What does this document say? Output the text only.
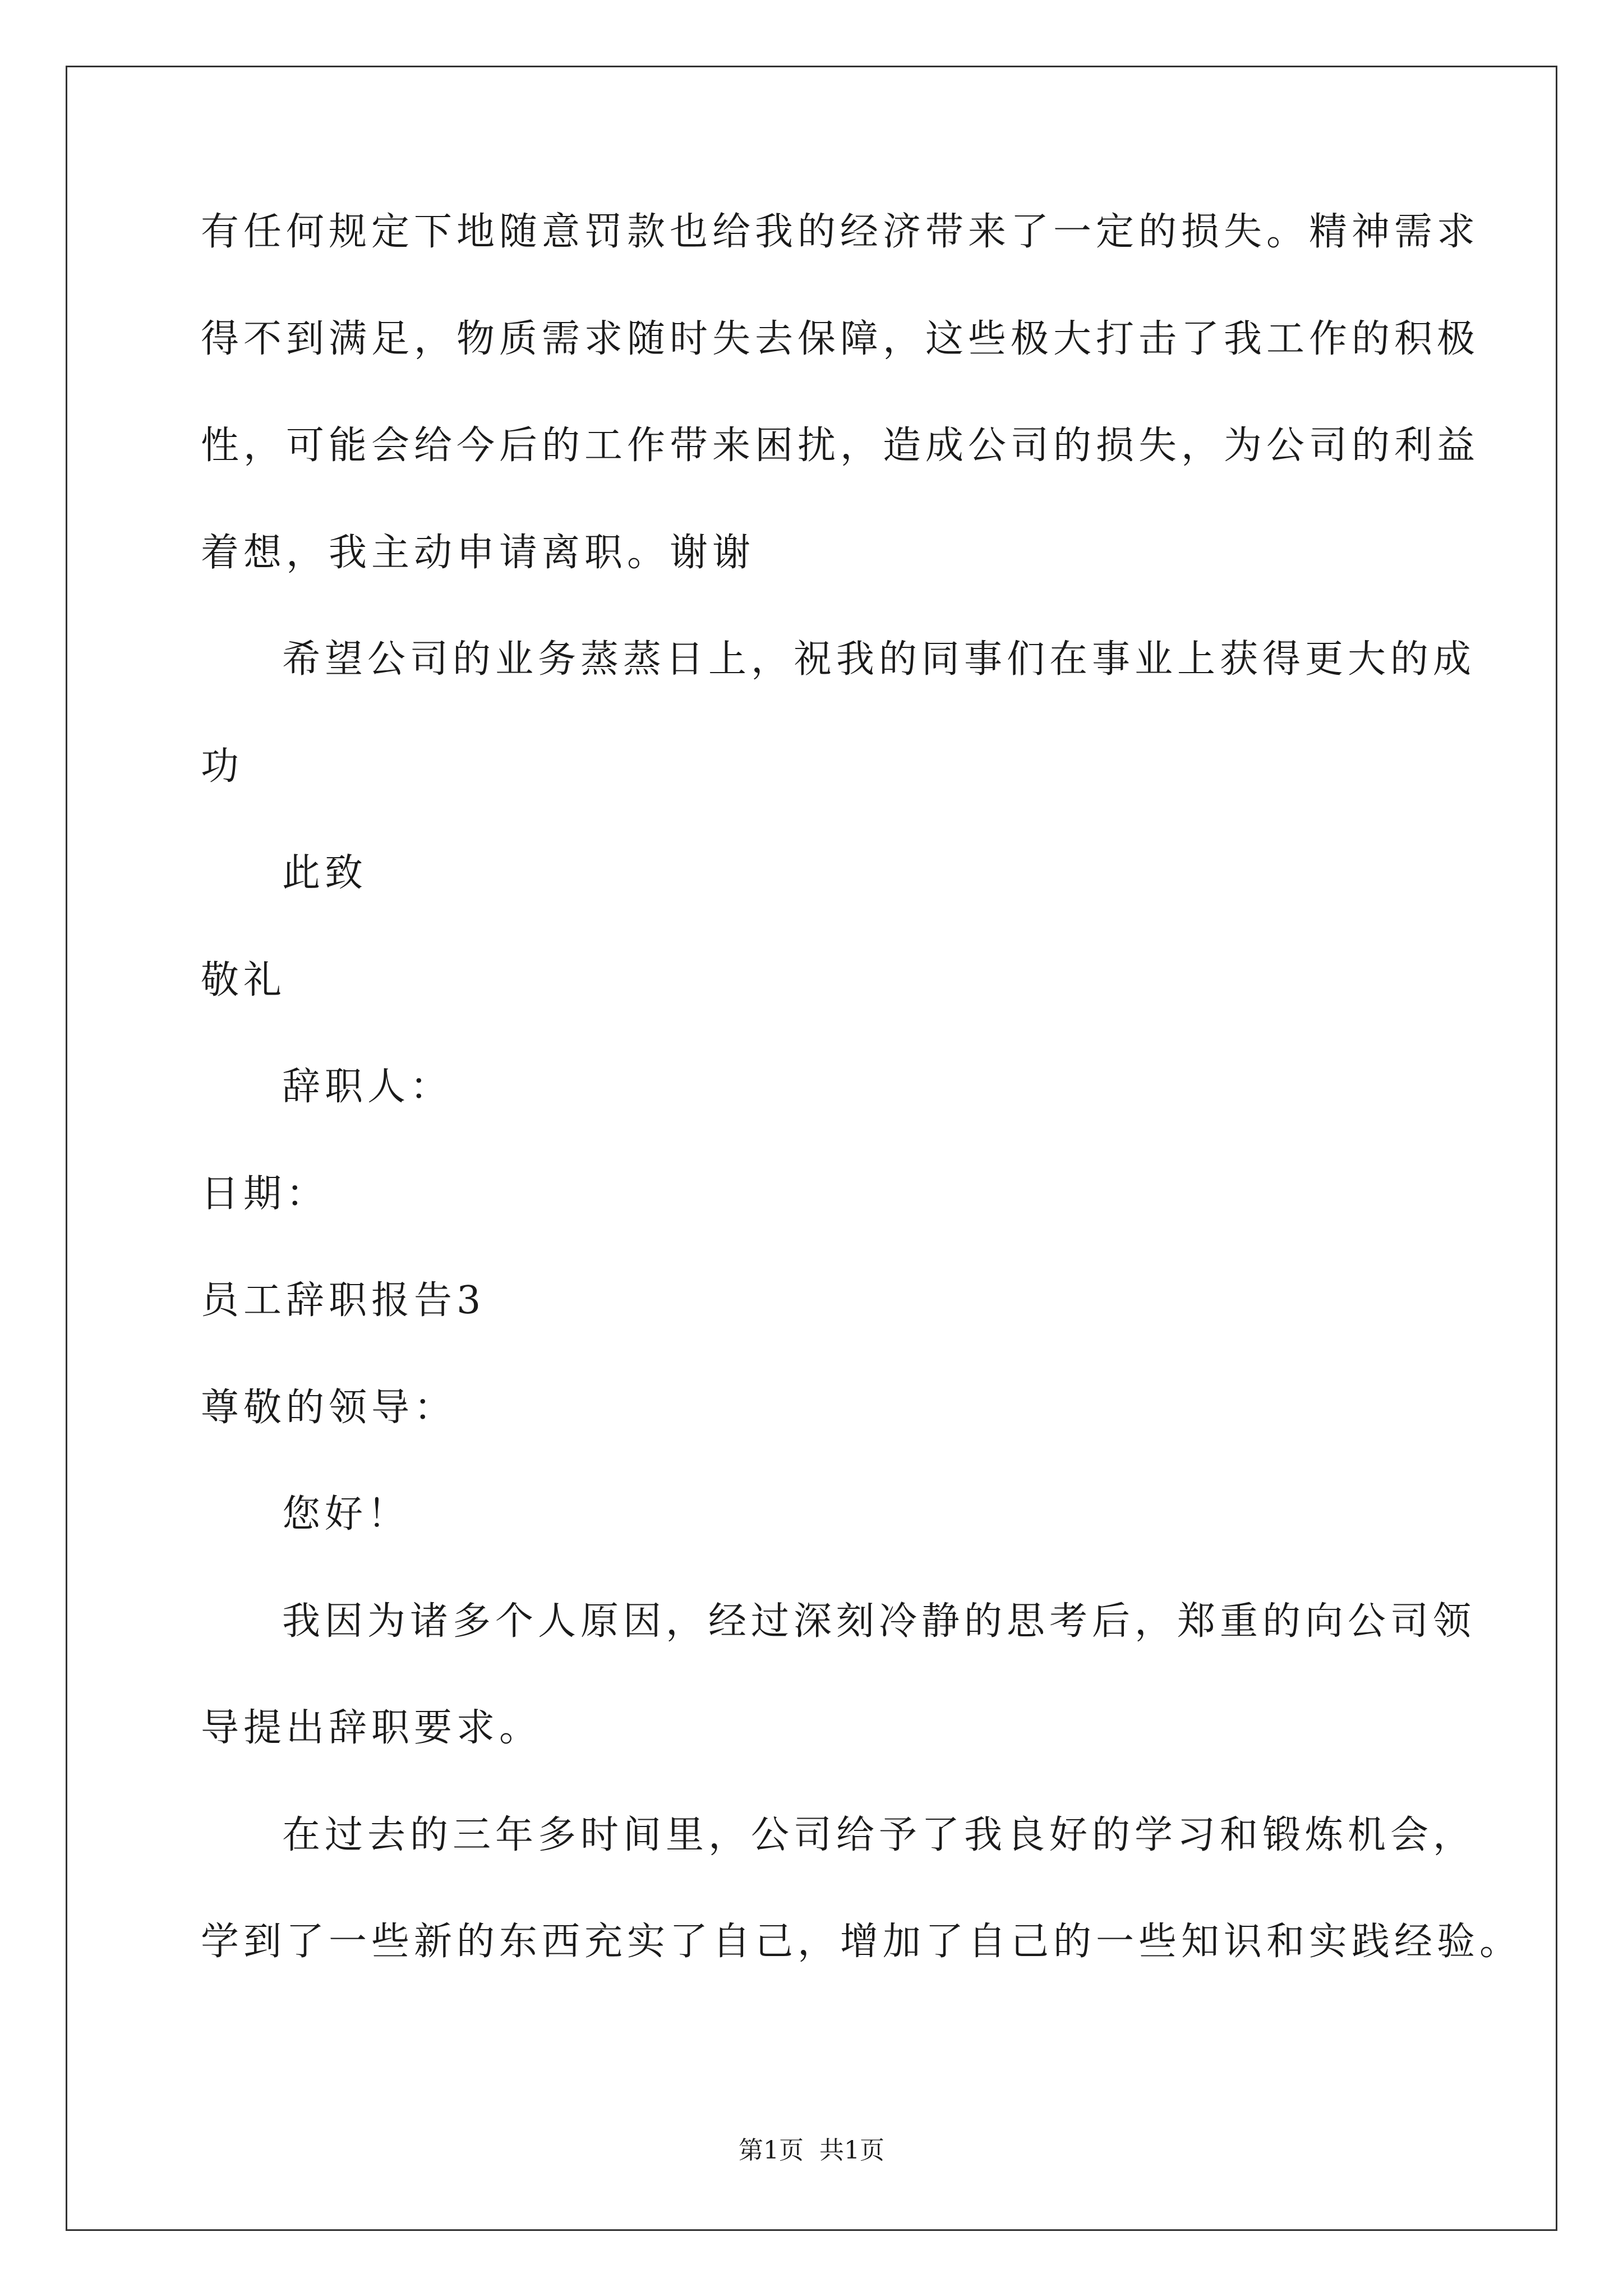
有任何规定下地随意罚款也给我的经济带来了一定的损失。精神需求

得不到满足，物质需求随时失去保障，这些极大打击了我工作的积极

性，可能会给今后的工作带来困扰，造成公司的损失，为公司的利益

着想，我主动申请离职。谢谢

希望公司的业务蒸蒸日上，祝我的同事们在事业上获得更大的成

功

此致

敬礼

辞职人：

日期：

员工辞职报告3

尊敬的领导：

您好！

我因为诸多个人原因，经过深刻冷静的思考后，郑重的向公司领

导提出辞职要求。

在过去的三年多时间里，公司给予了我良好的学习和锻炼机会，

学到了一些新的东西充实了自己，增加了自己的一些知识和实践经验。

第1页 共1页
